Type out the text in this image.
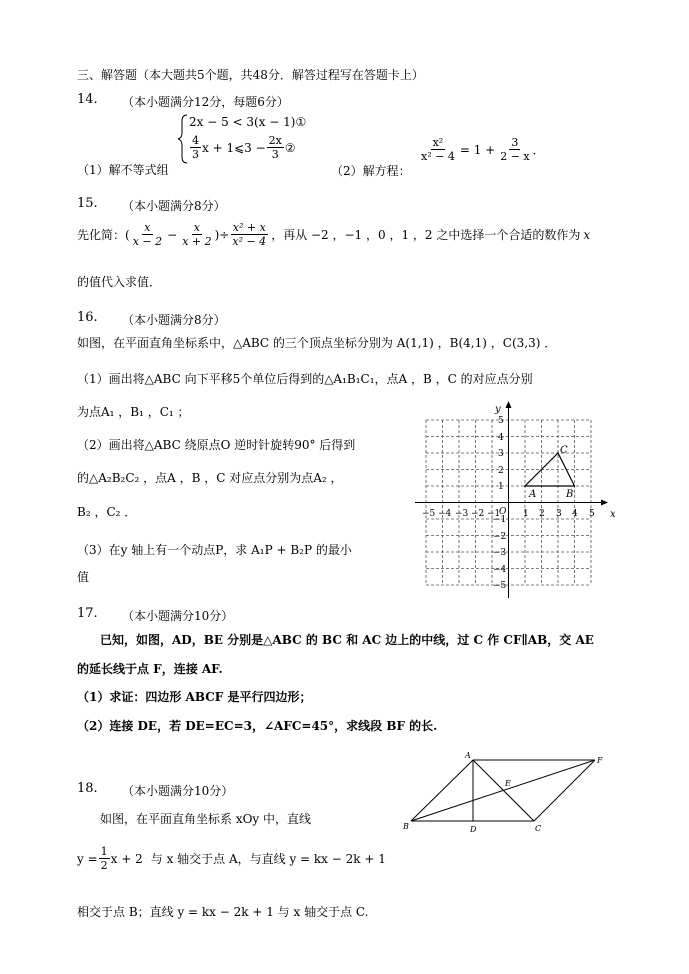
三、解答题（本大题共5个题，共48分．解答过程写在答题卡上）
14. （本小题满分12分，每题6分）
2x − 5 < 3(x − 1)①
$\frac{4}{3}$ x + 1⩽3 − $\frac{2x}{3}$ ②
（1）解不等式组	（2）解方程：
$\frac{\text{x²}}{\text{x² − 4}} = 1 + \frac{3}{2 - x}$ ．
15. （本小题满分8分）
先化简： ( $\frac{x}{x - 2} - \frac{x}{x + 2}$ )÷ $\frac{\text{x² + x}}{\text{x² − 4}}$ ，再从 −2 ，−1 ，0 ，1 ，2 之中选择一个合适的数作为 x
的值代入求值．
16. （本小题满分8分）
如图，在平面直角坐标系中，△ABC 的三个顶点坐标分别为 A(1,1) ，B(4,1) ，C(3,3) ．
（1）画出将△ABC 向下平移5个单位后得到的△A₁B₁C₁，点A ，B ，C 的对应点分别
为点A₁ ，B₁ ，C₁ ；
（2）画出将△ABC 绕原点O 逆时针旋转90° 后得到
的△A₂B₂C₂ ，点A ，B ，C 对应点分别为点A₂ ，
B₂ ，C₂ ．
（3）在y 轴上有一个动点P，求 A₁P + B₂P 的最小
值
x
y
−5 −4 −3 −2 −1
O 1 2 3 4 5
5
4
3
2
1
−1
−2
−3
−4
−5
A	B
C
17. （本小题满分10分）
已知，如图，AD，BE 分别是△ABC 的 BC 和 AC 边上的中线，过 C 作 CF∥AB，交 AE
的延长线于点 F，连接 AF.
（1）求证：四边形 ABCF 是平行四边形；
（2）连接 DE，若 DE=EC=3，∠AFC=45°，求线段 BF 的长.
A
B	C
D
E
F
18. （本小题满分10分）
如图，在平面直角坐标系 xOy 中，直线
$y = \frac{1}{2}$ x + 2 与 x 轴交于点 A，与直线 y = kx − 2k + 1
相交于点 B；直线 y = kx − 2k + 1 与 x 轴交于点 C.
